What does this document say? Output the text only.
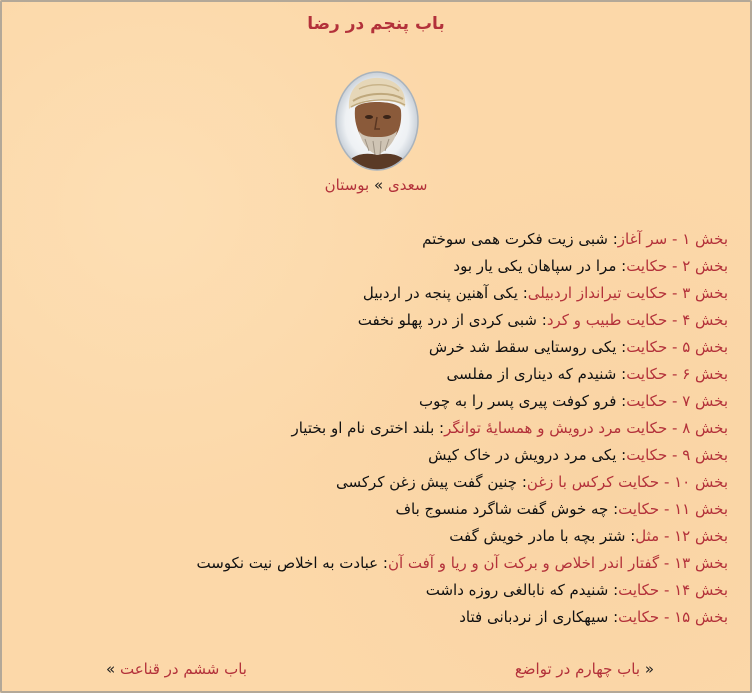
باب پنجم در رضا
سعدی » بوستان
بخش ۱ - سر آغاز: شبی زیت فکرت همی سوختم
بخش ۲ - حکایت: مرا در سپاهان یکی یار بود
بخش ۳ - حکایت تیرانداز اردبیلی: یکی آهنین پنجه در اردبیل
بخش ۴ - حکایت طبیب و کرد: شبی کردی از درد پهلو نخفت
بخش ۵ - حکایت: یکی روستایی سقط شد خرش
بخش ۶ - حکایت: شنیدم که دیناری از مفلسی
بخش ۷ - حکایت: فرو کوفت پیری پسر را به چوب
بخش ۸ - حکایت مرد درویش و همسایهٔ توانگر: بلند اختری نام او بختیار
بخش ۹ - حکایت: یکی مرد درویش در خاک کیش
بخش ۱۰ - حکایت کرکس با زغن: چنین گفت پیش زغن کرکسی
بخش ۱۱ - حکایت: چه خوش گفت شاگرد منسوج باف
بخش ۱۲ - مثل: شتر بچه با مادر خویش گفت
بخش ۱۳ - گفتار اندر اخلاص و برکت آن و ریا و آفت آن: عبادت به اخلاص نیت نکوست
بخش ۱۴ - حکایت: شنیدم که نابالغی روزه داشت
بخش ۱۵ - حکایت: سیهکاری از نردبانی فتاد
« باب چهارم در تواضع
باب ششم در قناعت »
